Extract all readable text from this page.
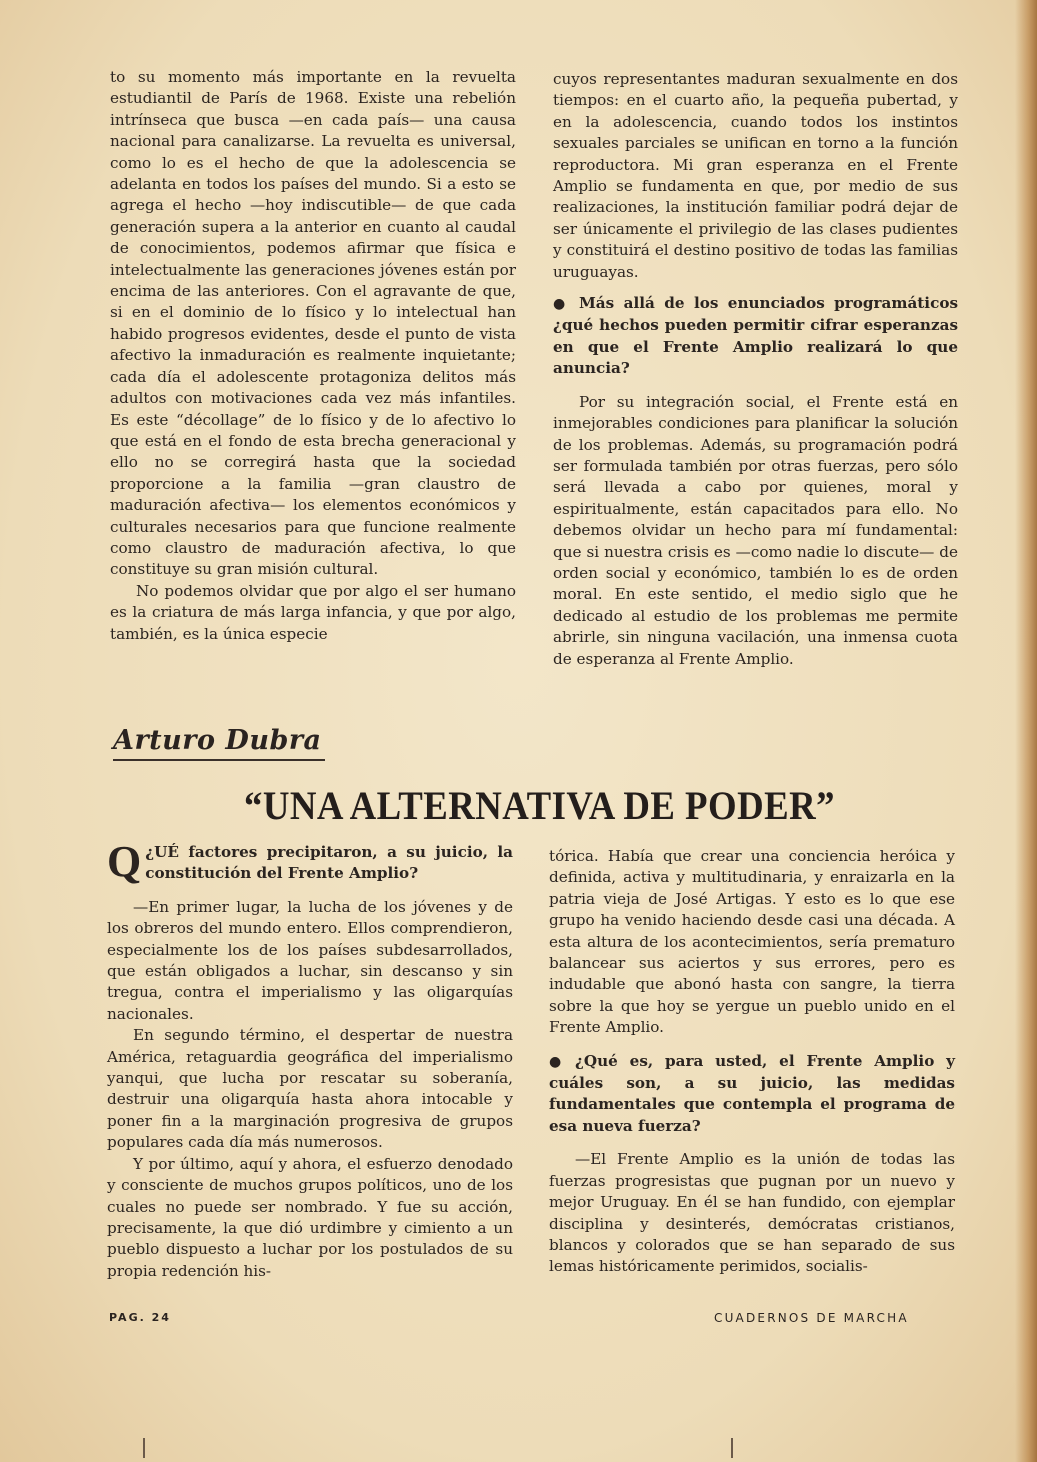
to su momento más importante en la revuelta estudiantil de París de 1968. Existe una rebelión intrínseca que busca —en cada país— una causa nacional para canalizarse. La revuelta es universal, como lo es el hecho de que la adolescencia se adelanta en todos los países del mundo. Si a esto se agrega el hecho —hoy indiscutible— de que cada generación supera a la anterior en cuanto al caudal de conocimientos, podemos afirmar que física e intelectualmente las generaciones jóvenes están por encima de las anteriores. Con el agravante de que, si en el dominio de lo físico y lo intelectual han habido progresos evidentes, desde el punto de vista afectivo la inmaduración es realmente inquietante; cada día el adolescente protagoniza delitos más adultos con motivaciones cada vez más infantiles. Es este “décollage” de lo físico y de lo afectivo lo que está en el fondo de esta brecha generacional y ello no se corregirá hasta que la sociedad proporcione a la familia —gran claustro de maduración afectiva— los elementos económicos y culturales necesarios para que funcione realmente como claustro de maduración afectiva, lo que constituye su gran misión cultural.

No podemos olvidar que por algo el ser humano es la criatura de más larga infancia, y que por algo, también, es la única especie

cuyos representantes maduran sexualmente en dos tiempos: en el cuarto año, la pequeña pubertad, y en la adolescencia, cuando todos los instintos sexuales parciales se unifican en torno a la función reproductora. Mi gran esperanza en el Frente Amplio se fundamenta en que, por medio de sus realizaciones, la institución familiar podrá dejar de ser únicamente el privilegio de las clases pudientes y constituirá el destino positivo de todas las familias uruguayas.

● Más allá de los enunciados programáticos ¿qué hechos pueden permitir cifrar esperanzas en que el Frente Amplio realizará lo que anuncia?

Por su integración social, el Frente está en inmejorables condiciones para planificar la solución de los problemas. Además, su programación podrá ser formulada también por otras fuerzas, pero sólo será llevada a cabo por quienes, moral y espiritualmente, están capacitados para ello. No debemos olvidar un hecho para mí fundamental: que si nuestra crisis es —como nadie lo discute— de orden social y económico, también lo es de orden moral. En este sentido, el medio siglo que he dedicado al estudio de los problemas me permite abrirle, sin ninguna vacilación, una inmensa cuota de esperanza al Frente Amplio.

Arturo Dubra
“UNA ALTERNATIVA DE PODER”

¿
Q UÉ factores precipitaron, a su juicio, la constitución del Frente Amplio?

—En primer lugar, la lucha de los jóvenes y de los obreros del mundo entero. Ellos comprendieron, especialmente los de los países subdesarrollados, que están obligados a luchar, sin descanso y sin tregua, contra el imperialismo y las oligarquías nacionales.

En segundo término, el despertar de nuestra América, retaguardia geográfica del imperialismo yanqui, que lucha por rescatar su soberanía, destruir una oligarquía hasta ahora intocable y poner fin a la marginación progresiva de grupos populares cada día más numerosos.

Y por último, aquí y ahora, el esfuerzo denodado y consciente de muchos grupos políticos, uno de los cuales no puede ser nombrado. Y fue su acción, precisamente, la que dió urdimbre y cimiento a un pueblo dispuesto a luchar por los postulados de su propia redención his-

tórica. Había que crear una conciencia heróica y definida, activa y multitudinaria, y enraizarla en la patria vieja de José Artigas. Y esto es lo que ese grupo ha venido haciendo desde casi una década. A esta altura de los acontecimientos, sería prematuro balancear sus aciertos y sus errores, pero es indudable que abonó hasta con sangre, la tierra sobre la que hoy se yergue un pueblo unido en el Frente Amplio.

● ¿Qué es, para usted, el Frente Amplio y cuáles son, a su juicio, las medidas fundamentales que contempla el programa de esa nueva fuerza?

—El Frente Amplio es la unión de todas las fuerzas progresistas que pugnan por un nuevo y mejor Uruguay. En él se han fundido, con ejemplar disciplina y desinterés, demócratas cristianos, blancos y colorados que se han separado de sus lemas históricamente perimidos, socialis-

PAG. 24	CUADERNOS DE MARCHA
